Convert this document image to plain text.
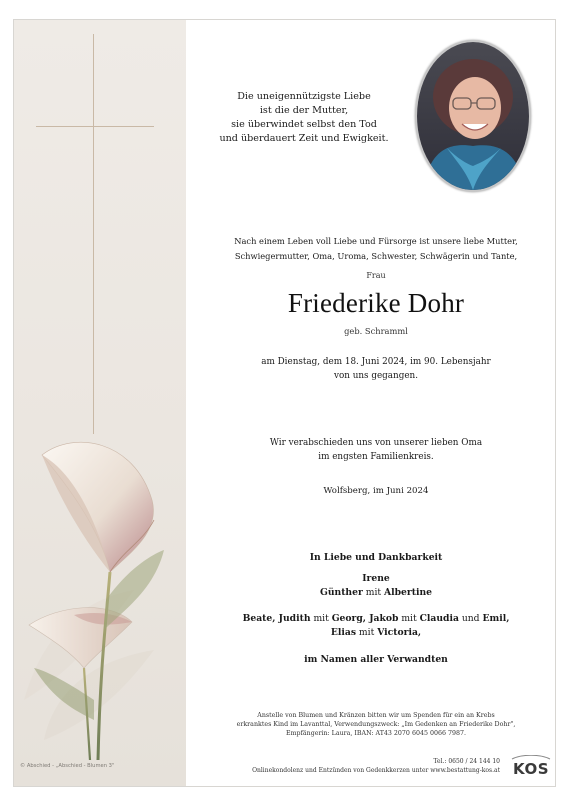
© Abschied - „Abschied - Blumen 3"
Die uneigennützigste Liebe
ist die der Mutter,
sie überwindet selbst den Tod
und überdauert Zeit und Ewigkeit.
Nach einem Leben voll Liebe und Fürsorge ist unsere liebe Mutter,
Schwiegermutter, Oma, Uroma, Schwester, Schwägerin und Tante,
Frau
Friederike Dohr
geb. Schramml
am Dienstag, dem 18. Juni 2024, im 90. Lebensjahr
von uns gegangen.
Wir verabschieden uns von unserer lieben Oma
im engsten Familienkreis.
Wolfsberg, im Juni 2024
In Liebe und Dankbarkeit
Irene
Günther mit Albertine
Beate, Judith mit Georg, Jakob mit Claudia und Emil,
Elias mit Victoria,
im Namen aller Verwandten
Anstelle von Blumen und Kränzen bitten wir um Spenden für ein an Krebs
erkranktes Kind im Lavanttal, Verwendungszweck: „Im Gedenken an Friederike Dohr",
Empfängerin: Laura, IBAN: AT43 2070 6045 0066 7987.
Tel.: 0650 / 24 144 10
Onlinekondolenz und Entzünden von Gedenkkerzen unter www.bestattung-kos.at KOS
